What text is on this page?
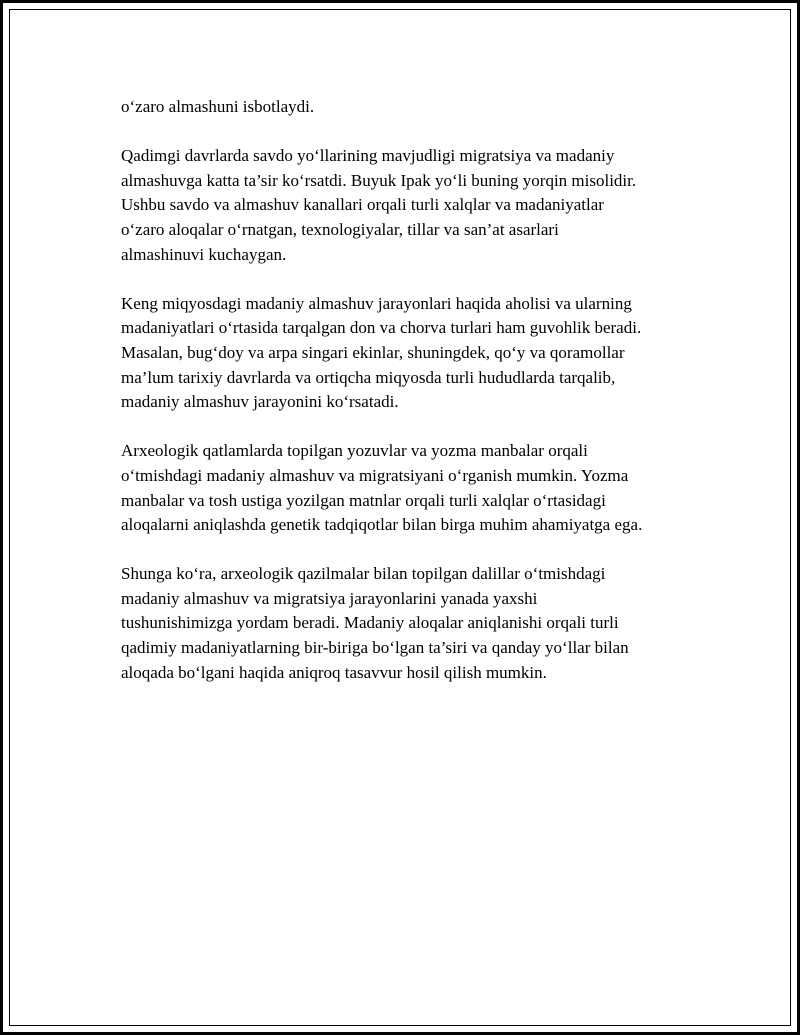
o‘zaro almashuni isbotlaydi.

Qadimgi davrlarda savdo yo‘llarining mavjudligi migratsiya va madaniy
almashuvga katta ta’sir ko‘rsatdi. Buyuk Ipak yo‘li buning yorqin misolidir.
Ushbu savdo va almashuv kanallari orqali turli xalqlar va madaniyatlar
o‘zaro aloqalar o‘rnatgan, texnologiyalar, tillar va san’at asarlari
almashinuvi kuchaygan.

Keng miqyosdagi madaniy almashuv jarayonlari haqida aholisi va ularning
madaniyatlari o‘rtasida tarqalgan don va chorva turlari ham guvohlik beradi.
Masalan, bug‘doy va arpa singari ekinlar, shuningdek, qo‘y va qoramollar
ma’lum tarixiy davrlarda va ortiqcha miqyosda turli hududlarda tarqalib,
madaniy almashuv jarayonini ko‘rsatadi.

Arxeologik qatlamlarda topilgan yozuvlar va yozma manbalar orqali
o‘tmishdagi madaniy almashuv va migratsiyani o‘rganish mumkin. Yozma
manbalar va tosh ustiga yozilgan matnlar orqali turli xalqlar o‘rtasidagi
aloqalarni aniqlashda genetik tadqiqotlar bilan birga muhim ahamiyatga ega.

Shunga ko‘ra, arxeologik qazilmalar bilan topilgan dalillar o‘tmishdagi
madaniy almashuv va migratsiya jarayonlarini yanada yaxshi
tushunishimizga yordam beradi. Madaniy aloqalar aniqlanishi orqali turli
qadimiy madaniyatlarning bir-biriga bo‘lgan ta’siri va qanday yo‘llar bilan
aloqada bo‘lgani haqida aniqroq tasavvur hosil qilish mumkin.
